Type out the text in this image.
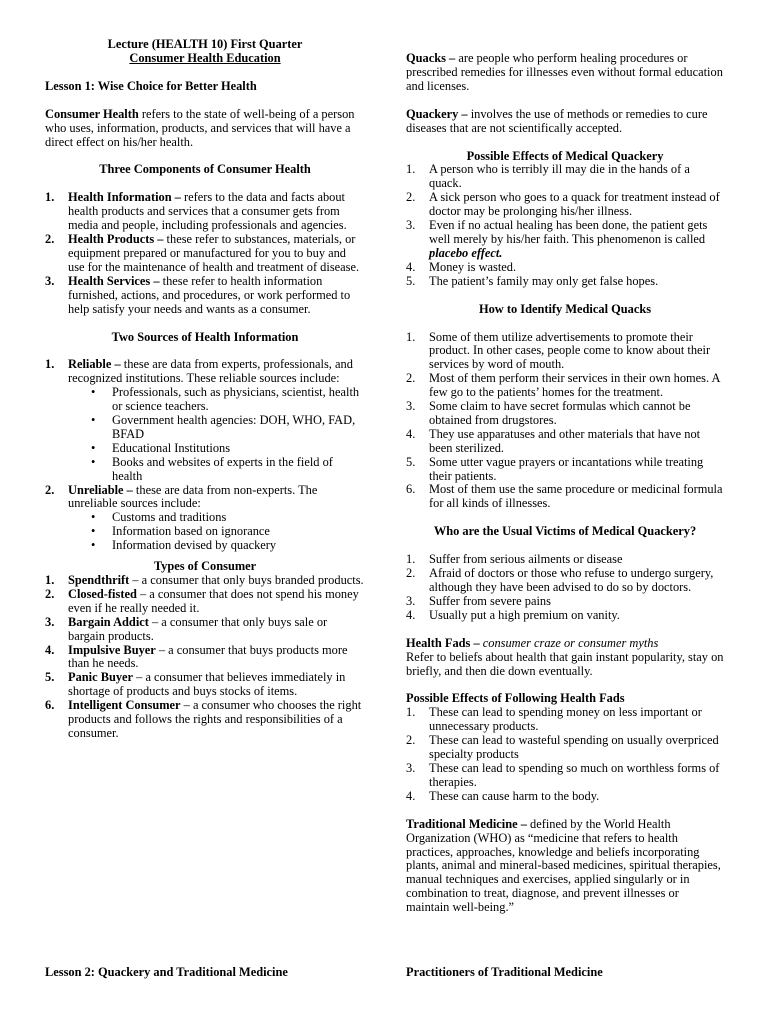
Lecture (HEALTH 10) First Quarter

Consumer Health Education

Lesson 1: Wise Choice for Better Health

Consumer Health refers to the state of well-being of a person who uses, information, products, and services that will have a direct effect on his/her health.

Three Components of Consumer Health

1. Health Information – refers to the data and facts about health products and services that a consumer gets from media and people, including professionals and agencies.
2. Health Products – these refer to substances, materials, or equipment prepared or manufactured for you to buy and use for the maintenance of health and treatment of disease.
3. Health Services – these refer to health information furnished, actions, and procedures, or work performed to help satisfy your needs and wants as a consumer.

Two Sources of Health Information

1. Reliable – these are data from experts, professionals, and recognized institutions. These reliable sources include:
• Professionals, such as physicians, scientist, health or science teachers.
• Government health agencies: DOH, WHO, FAD, BFAD
• Educational Institutions
• Books and websites of experts in the field of health
2. Unreliable – these are data from non-experts. The unreliable sources include:
• Customs and traditions
• Information based on ignorance
• Information devised by quackery

Types of Consumer

1. Spendthrift – a consumer that only buys branded products.
2. Closed-fisted – a consumer that does not spend his money even if he really needed it.
3. Bargain Addict – a consumer that only buys sale or bargain products.
4. Impulsive Buyer – a consumer that buys products more than he needs.
5. Panic Buyer – a consumer that believes immediately in shortage of products and buys stocks of items.
6. Intelligent Consumer – a consumer who chooses the right products and follows the rights and responsibilities of a consumer.

Quacks – are people who perform healing procedures or prescribed remedies for illnesses even without formal education and licenses.

Quackery – involves the use of methods or remedies to cure diseases that are not scientifically accepted.

Possible Effects of Medical Quackery

1. A person who is terribly ill may die in the hands of a quack.
2. A sick person who goes to a quack for treatment instead of doctor may be prolonging his/her illness.
3. Even if no actual healing has been done, the patient gets well merely by his/her faith. This phenomenon is called placebo effect.
4. Money is wasted.
5. The patient’s family may only get false hopes.

How to Identify Medical Quacks

1. Some of them utilize advertisements to promote their product. In other cases, people come to know about their services by word of mouth.
2. Most of them perform their services in their own homes. A few go to the patients’ homes for the treatment.
3. Some claim to have secret formulas which cannot be obtained from drugstores.
4. They use apparatuses and other materials that have not been sterilized.
5. Some utter vague prayers or incantations while treating their patients.
6. Most of them use the same procedure or medicinal formula for all kinds of illnesses.

Who are the Usual Victims of Medical Quackery?

1. Suffer from serious ailments or disease
2. Afraid of doctors or those who refuse to undergo surgery, although they have been advised to do so by doctors.
3. Suffer from severe pains
4. Usually put a high premium on vanity.

Health Fads – consumer craze or consumer myths

Refer to beliefs about health that gain instant popularity, stay on briefly, and then die down eventually.

Possible Effects of Following Health Fads

1. These can lead to spending money on less important or unnecessary products.
2. These can lead to wasteful spending on usually overpriced specialty products
3. These can lead to spending so much on worthless forms of therapies.
4. These can cause harm to the body.

Traditional Medicine – defined by the World Health Organization (WHO) as “medicine that refers to health practices, approaches, knowledge and beliefs incorporating plants, animal and mineral-based medicines, spiritual therapies, manual techniques and exercises, applied singularly or in combination to treat, diagnose, and prevent illnesses or maintain well-being.”

Lesson 2: Quackery and Traditional Medicine	Practitioners of Traditional Medicine
